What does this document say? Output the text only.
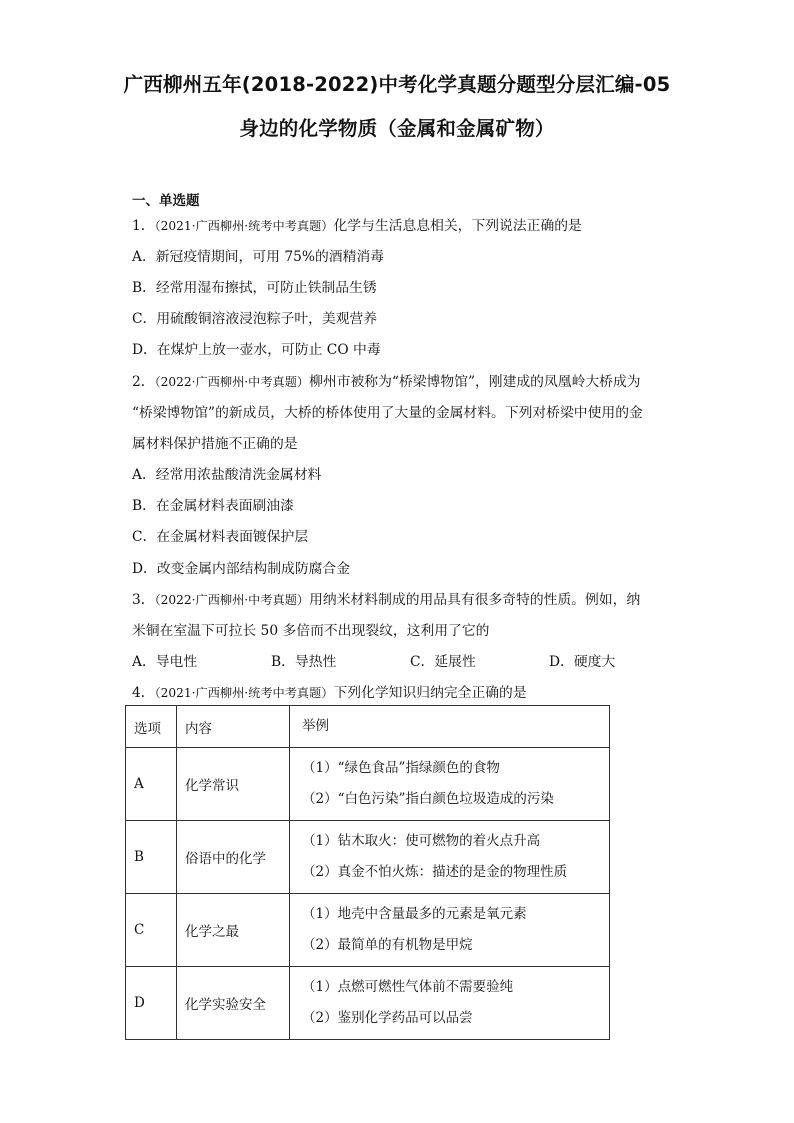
广西柳州五年(2018-2022)中考化学真题分题型分层汇编-05
身边的化学物质（金属和金属矿物）
一、单选题
1．（2021·广西柳州·统考中考真题）化学与生活息息相关，下列说法正确的是
A．新冠疫情期间，可用 75%的酒精消毒
B．经常用湿布擦拭，可防止铁制品生锈
C．用硫酸铜溶液浸泡粽子叶，美观营养
D．在煤炉上放一壶水，可防止 CO 中毒
2．（2022·广西柳州·中考真题）柳州市被称为“桥梁博物馆”，刚建成的凤凰岭大桥成为
“桥梁博物馆”的新成员，大桥的桥体使用了大量的金属材料。下列对桥梁中使用的金
属材料保护措施不正确的是
A．经常用浓盐酸清洗金属材料
B．在金属材料表面刷油漆
C．在金属材料表面镀保护层
D．改变金属内部结构制成防腐合金
3．（2022·广西柳州·中考真题）用纳米材料制成的用品具有很多奇特的性质。例如，纳
米铜在室温下可拉长 50 多倍而不出现裂纹，这利用了它的
A．导电性	B．导热性	C．延展性	D．硬度大
4．（2021·广西柳州·统考中考真题）下列化学知识归纳完全正确的是
选项	内容	举例
A	化学常识	（1）“绿色食品”指绿颜色的食物
（2）“白色污染”指白颜色垃圾造成的污染

B	俗语中的化学	（1）钻木取火：使可燃物的着火点升高
（2）真金不怕火炼：描述的是金的物理性质

C	化学之最	（1）地壳中含量最多的元素是氧元素
（2）最简单的有机物是甲烷

D	化学实验安全	（1）点燃可燃性气体前不需要验纯
（2）鉴别化学药品可以品尝
